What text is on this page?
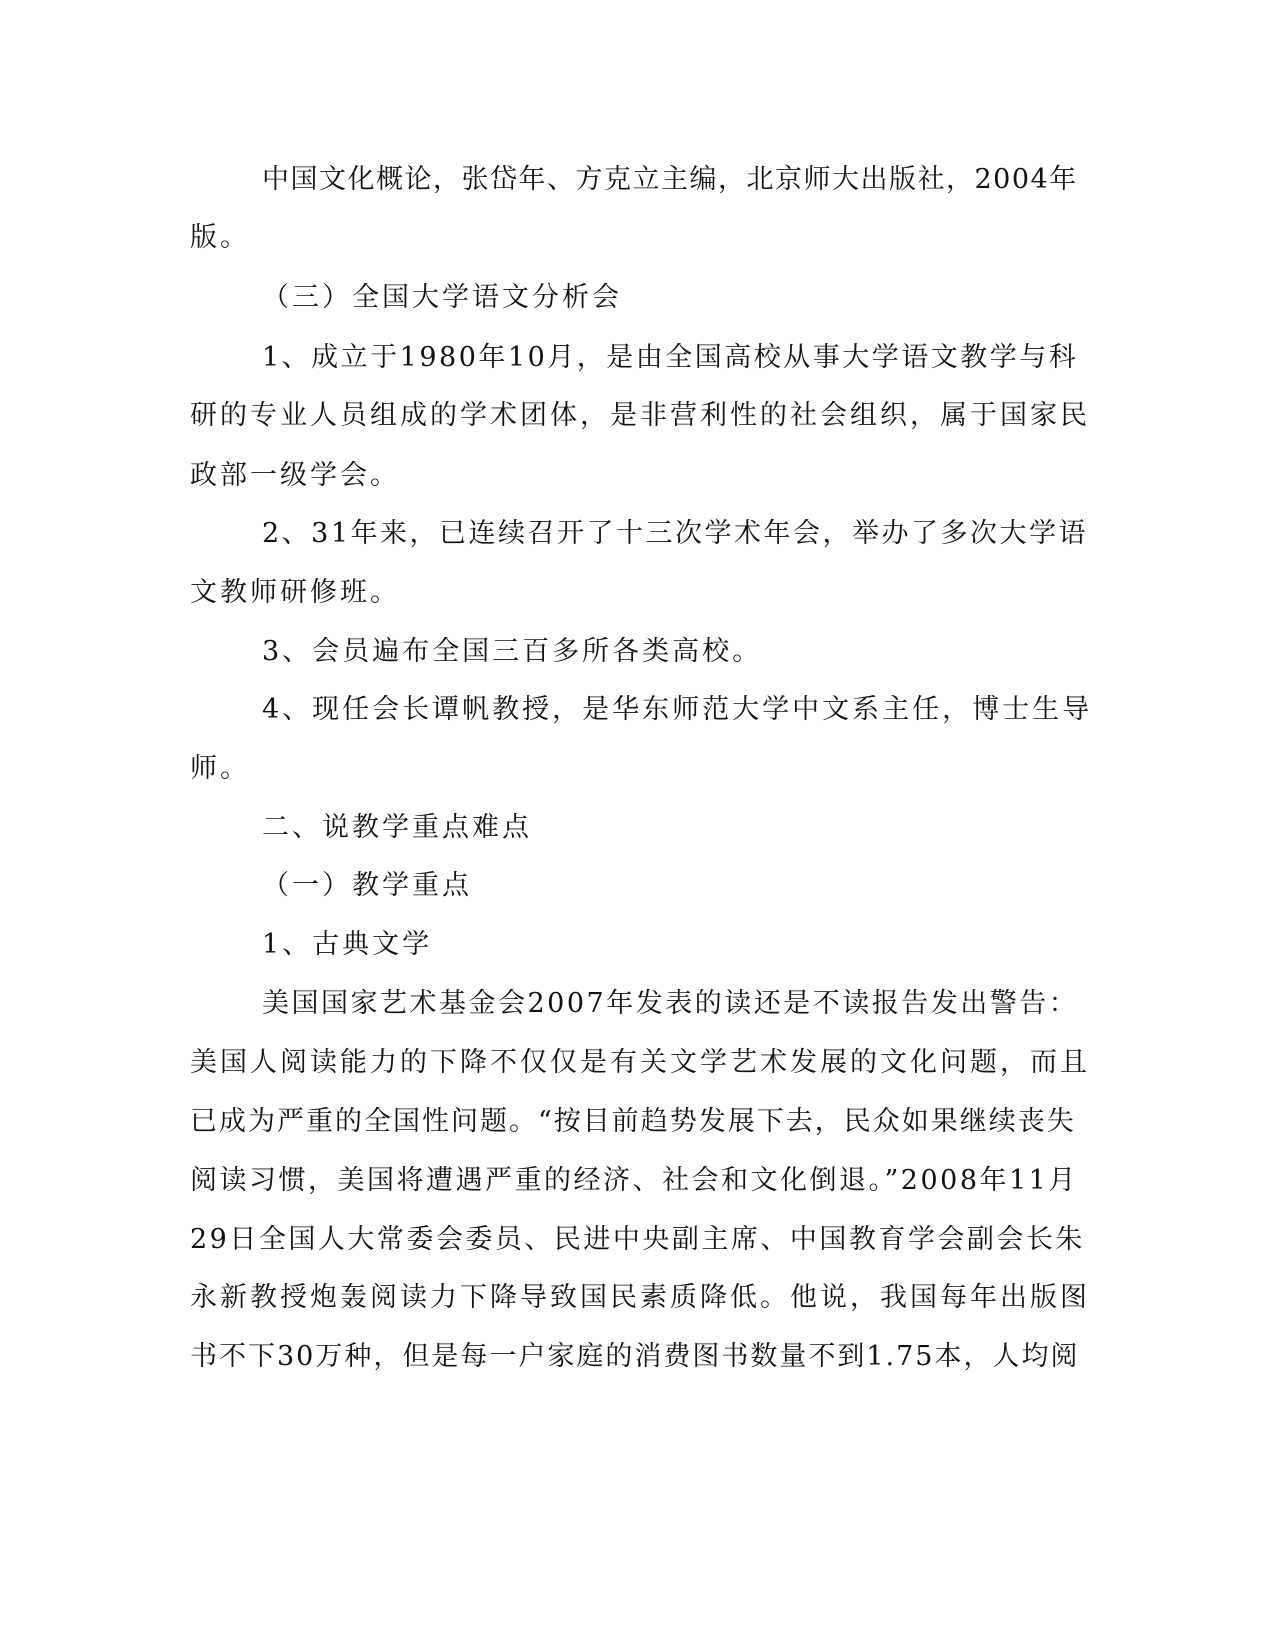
中国文化概论，张岱年、方克立主编，北京师大出版社，2004年
版。
（三）全国大学语文分析会
1、成立于1980年10月，是由全国高校从事大学语文教学与科
研的专业人员组成的学术团体，是非营利性的社会组织，属于国家民
政部一级学会。
2、31年来，已连续召开了十三次学术年会，举办了多次大学语
文教师研修班。
3、会员遍布全国三百多所各类高校。
4、现任会长谭帆教授，是华东师范大学中文系主任，博士生导
师。
二、说教学重点难点
（一）教学重点
1、古典文学
美国国家艺术基金会2007年发表的读还是不读报告发出警告：
美国人阅读能力的下降不仅仅是有关文学艺术发展的文化问题，而且
已成为严重的全国性问题。“按目前趋势发展下去，民众如果继续丧失
阅读习惯，美国将遭遇严重的经济、社会和文化倒退。”2008年11月
29日全国人大常委会委员、民进中央副主席、中国教育学会副会长朱
永新教授炮轰阅读力下降导致国民素质降低。他说，我国每年出版图
书不下30万种，但是每一户家庭的消费图书数量不到1.75本，人均阅
